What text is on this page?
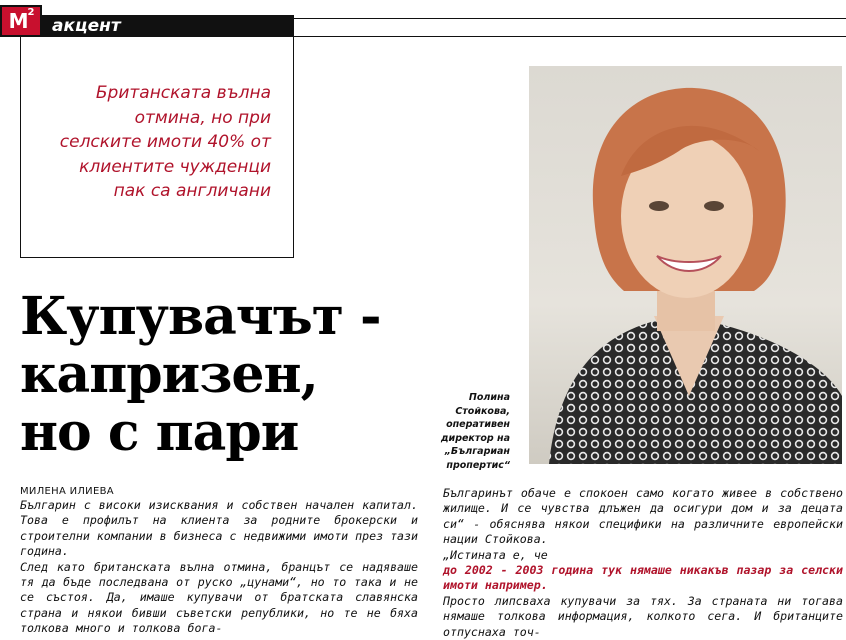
$M^2$
акцент
Британската вълна отмина, но при селските имоти 40% от клиентите чужденци пак са англичани
Купувачът -
капризен,
но с пари
Полина
Стойкова,
оперативен
директор на
„Българиан
пропертис“
МИЛЕНА ИЛИЕВА

Българин с високи изисквания и собствен начален капитал. Това е профилът на клиента за родните брокерски и строителни компании в бизнеса с недвижими имоти през тази година.

След като британската вълна отмина, бранцът се надяваше тя да бъде последвана от руско „цунами“, но то така и не се състоя. Да, имаше купувачи от братската славянска страна и някои бивши съветски републики, но те не бяха толкова много и толкова бога-

Българинът обаче е спокоен само когато живее в собствено жилище. И се чувства длъжен да осигури дом и за децата си“ - обяснява някои специфики на различните европейски нации Стойкова.

„Истината е, че

до 2002 - 2003 година тук нямаше никакъв пазар за селски имоти например.

Просто липсваха купувачи за тях. За страната ни тогава нямаше толкова информация, колкото сега. И британците отпуснаха точ-
